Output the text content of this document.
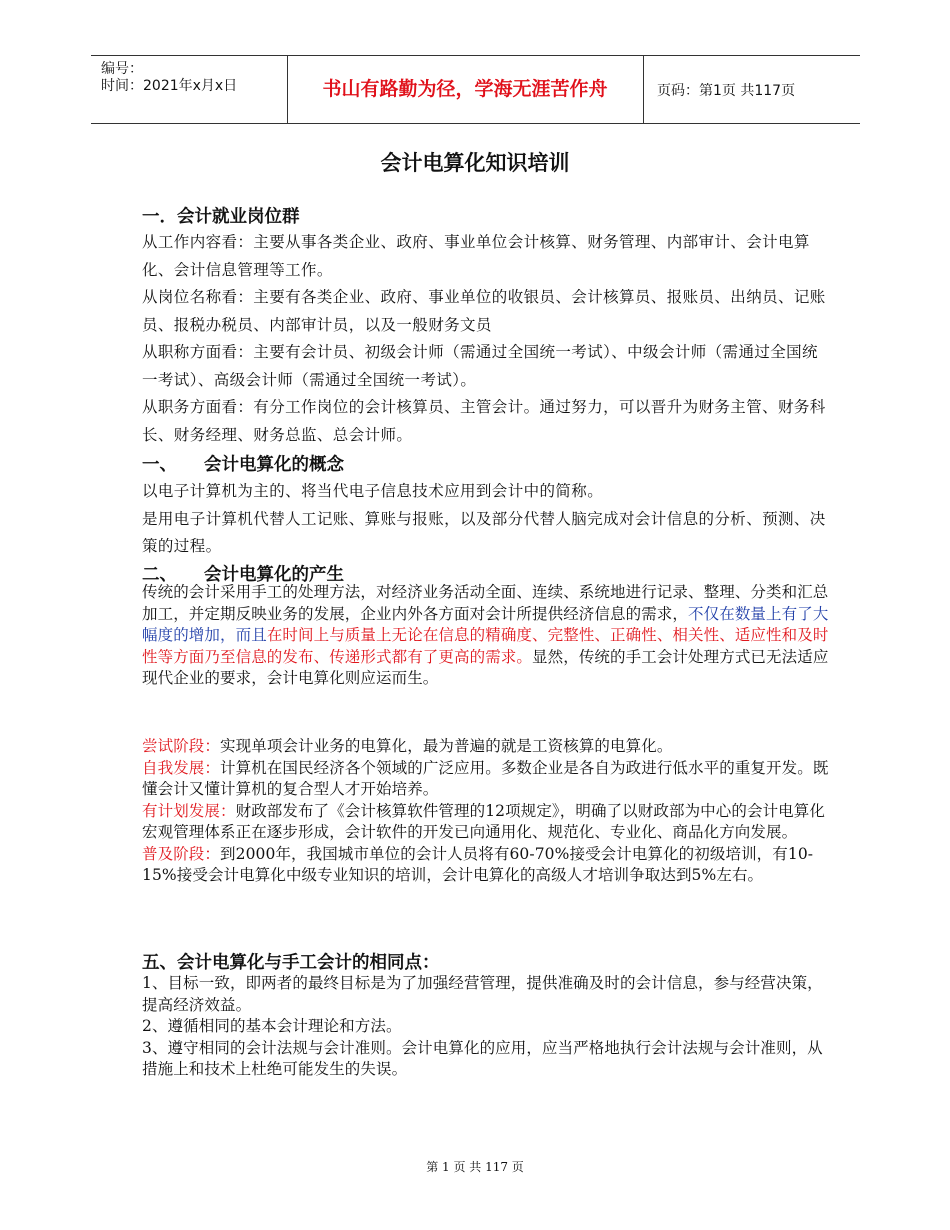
编号：
时间：2021年x月x日	书山有路勤为径，学海无涯苦作舟	页码：第1页 共117页
会计电算化知识培训
一．会计就业岗位群

从工作内容看：主要从事各类企业、政府、事业单位会计核算、财务管理、内部审计、会计电算化、会计信息管理等工作。

从岗位名称看：主要有各类企业、政府、事业单位的收银员、会计核算员、报账员、出纳员、记账员、报税办税员、内部审计员，以及一般财务文员

从职称方面看：主要有会计员、初级会计师（需通过全国统一考试）、中级会计师（需通过全国统一考试）、高级会计师（需通过全国统一考试）。

从职务方面看：有分工作岗位的会计核算员、主管会计。通过努力，可以晋升为财务主管、财务科长、财务经理、财务总监、总会计师。

一、 会计电算化的概念

以电子计算机为主的、将当代电子信息技术应用到会计中的简称。

是用电子计算机代替人工记账、算账与报账，以及部分代替人脑完成对会计信息的分析、预测、决策的过程。

二、 会计电算化的产生

传统的会计采用手工的处理方法，对经济业务活动全面、连续、系统地进行记录、整理、分类和汇总加工，并定期反映业务的发展，企业内外各方面对会计所提供经济信息的需求，不仅在数量上有了大幅度的增加，而且在时间上与质量上无论在信息的精确度、完整性、正确性、相关性、适应性和及时性等方面乃至信息的发布、传递形式都有了更高的需求。显然，传统的手工会计处理方式已无法适应现代企业的要求，会计电算化则应运而生。

尝试阶段：实现单项会计业务的电算化，最为普遍的就是工资核算的电算化。

自我发展：计算机在国民经济各个领域的广泛应用。多数企业是各自为政进行低水平的重复开发。既懂会计又懂计算机的复合型人才开始培养。

有计划发展：财政部发布了《会计核算软件管理的12项规定》，明确了以财政部为中心的会计电算化宏观管理体系正在逐步形成，会计软件的开发已向通用化、规范化、专业化、商品化方向发展。

普及阶段：到2000年，我国城市单位的会计人员将有60-70%接受会计电算化的初级培训，有10-15%接受会计电算化中级专业知识的培训，会计电算化的高级人才培训争取达到5%左右。

五、会计电算化与手工会计的相同点：

1、目标一致，即两者的最终目标是为了加强经营管理，提供准确及时的会计信息，参与经营决策，提高经济效益。

2、遵循相同的基本会计理论和方法。

3、遵守相同的会计法规与会计准则。会计电算化的应用，应当严格地执行会计法规与会计准则，从措施上和技术上杜绝可能发生的失误。

第 1 页 共 117 页
